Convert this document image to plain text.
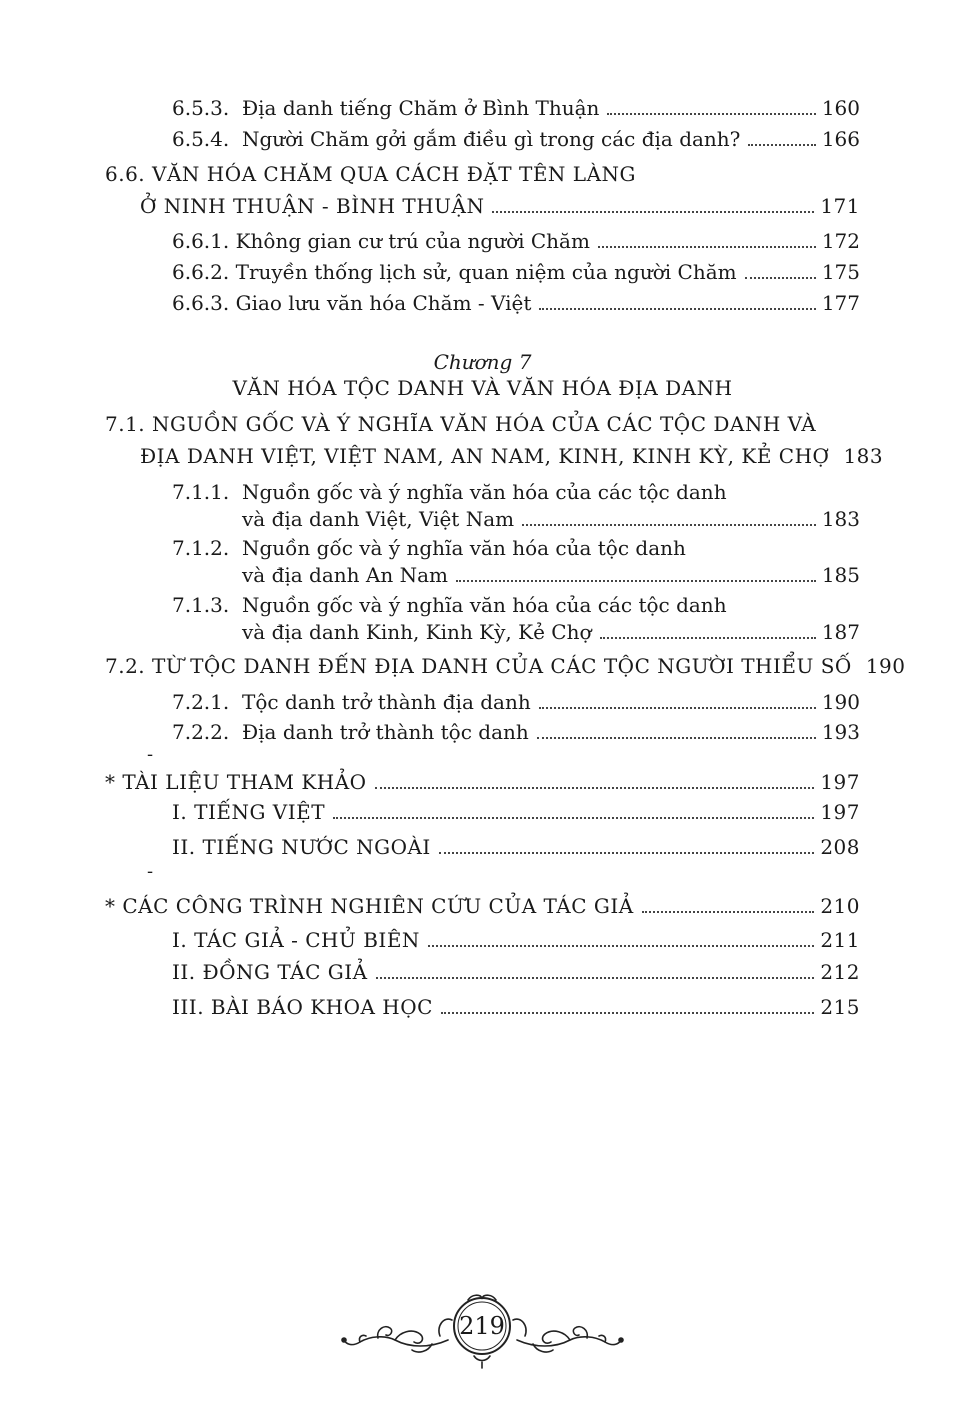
6.5.3. Địa danh tiếng Chăm ở Bình Thuận	160
6.5.4. Người Chăm gởi gắm điều gì trong các địa danh?	166
6.6. VĂN HÓA CHĂM QUA CÁCH ĐẶT TÊN LÀNG
Ở NINH THUẬN - BÌNH THUẬN	171
6.6.1. Không gian cư trú của người Chăm	172
6.6.2. Truyền thống lịch sử, quan niệm của người Chăm	175
6.6.3. Giao lưu văn hóa Chăm - Việt	177
Chương 7
VĂN HÓA TỘC DANH VÀ VĂN HÓA ĐỊA DANH
7.1. NGUỒN GỐC VÀ Ý NGHĨA VĂN HÓA CỦA CÁC TỘC DANH VÀ
ĐỊA DANH VIỆT, VIỆT NAM, AN NAM, KINH, KINH KỲ, KẺ CHỢ 183
7.1.1. Nguồn gốc và ý nghĩa văn hóa của các tộc danh
và địa danh Việt, Việt Nam	183
7.1.2. Nguồn gốc và ý nghĩa văn hóa của tộc danh
và địa danh An Nam	185
7.1.3. Nguồn gốc và ý nghĩa văn hóa của các tộc danh
và địa danh Kinh, Kinh Kỳ, Kẻ Chợ	187
7.2. TỪ TỘC DANH ĐẾN ĐỊA DANH CỦA CÁC TỘC NGƯỜI THIỂU SỐ 190
7.2.1. Tộc danh trở thành địa danh	190
7.2.2. Địa danh trở thành tộc danh	193
-
* TÀI LIỆU THAM KHẢO	197
I. TIẾNG VIỆT	197
II. TIẾNG NƯỚC NGOÀI	208
-
* CÁC CÔNG TRÌNH NGHIÊN CỨU CỦA TÁC GIẢ	210
I. TÁC GIẢ - CHỦ BIÊN	211
II. ĐỒNG TÁC GIẢ	212
III. BÀI BÁO KHOA HỌC	215
219
